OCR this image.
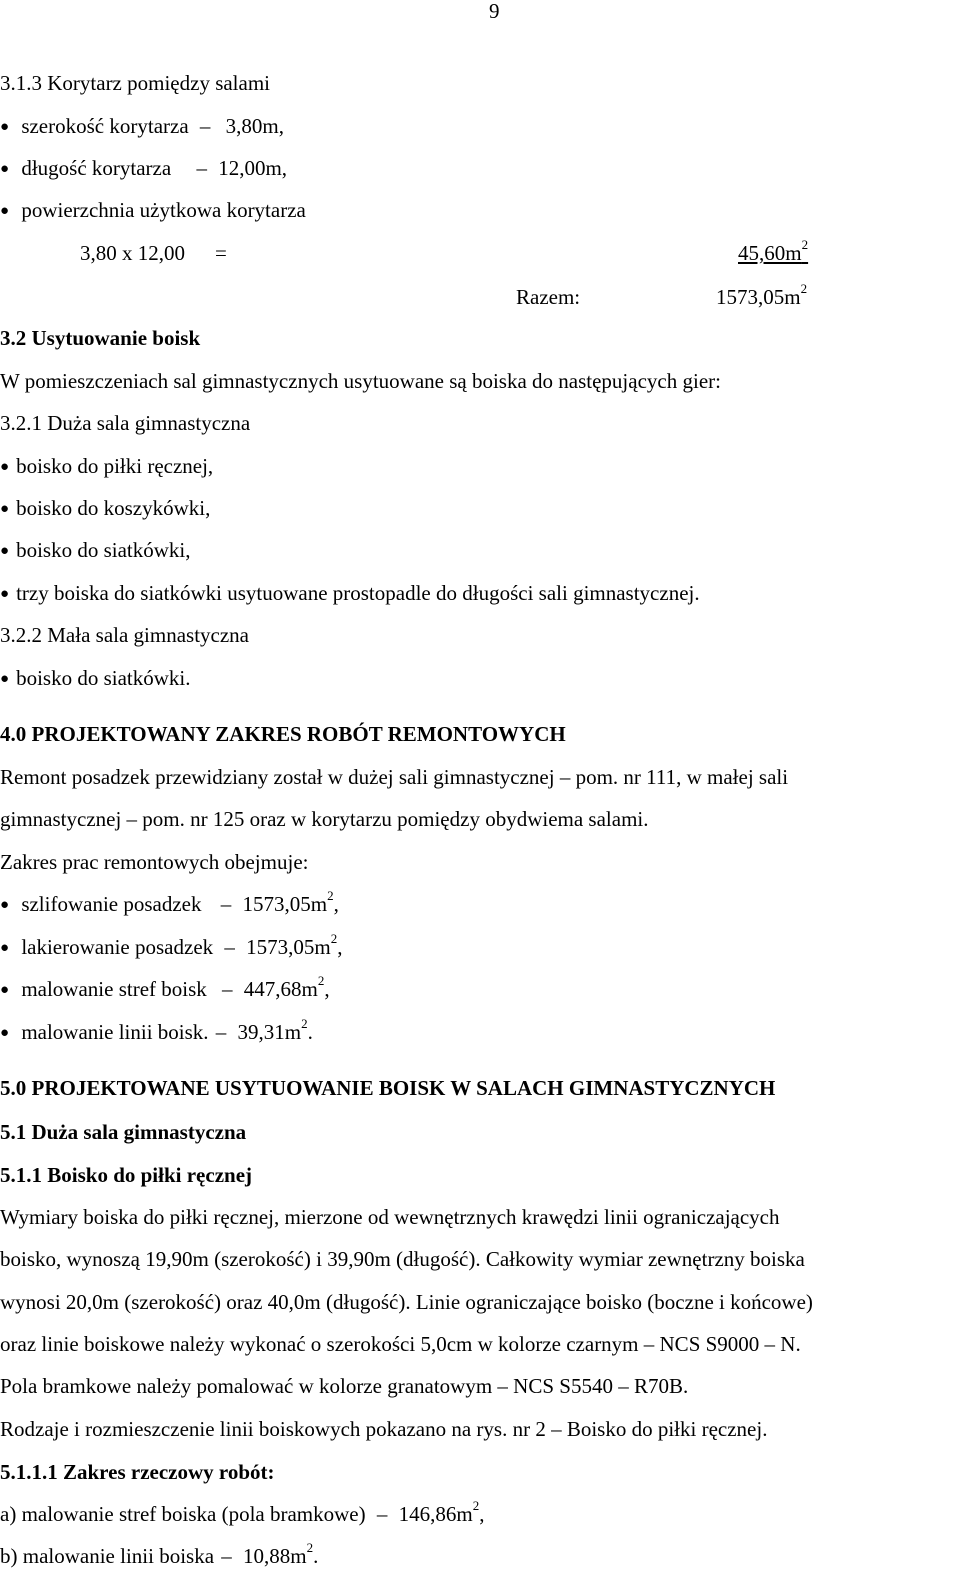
9
3.1.3 Korytarz pomiędzy salami
● szerokość korytarza – 3,80m,
● długość korytarza – 12,00m,
● powierzchnia użytkowa korytarza
3,80 x 12,00 =	$45,60m^2$
Razem:	$1573,05m^2$
3.2 Usytuowanie boisk
W pomieszczeniach sal gimnastycznych usytuowane są boiska do następujących gier:
3.2.1 Duża sala gimnastyczna
● boisko do piłki ręcznej,
● boisko do koszykówki,
● boisko do siatkówki,
● trzy boiska do siatkówki usytuowane prostopadle do długości sali gimnastycznej.
3.2.2 Mała sala gimnastyczna
● boisko do siatkówki.
4.0 PROJEKTOWANY ZAKRES ROBÓT REMONTOWYCH
Remont posadzek przewidziany został w dużej sali gimnastycznej – pom. nr 111, w małej sali
gimnastycznej – pom. nr 125 oraz w korytarzu pomiędzy obydwiema salami.
Zakres prac remontowych obejmuje:
● szlifowanie posadzek – $1573,05m^2$,
● lakierowanie posadzek – $1573,05m^2$,
● malowanie stref boisk – $447,68m^2$,
● malowanie linii boisk. – $39,31m^2$.
5.0 PROJEKTOWANE USYTUOWANIE BOISK W SALACH GIMNASTYCZNYCH
5.1 Duża sala gimnastyczna
5.1.1 Boisko do piłki ręcznej
Wymiary boiska do piłki ręcznej, mierzone od wewnętrznych krawędzi linii ograniczających
boisko, wynoszą 19,90m (szerokość) i 39,90m (długość). Całkowity wymiar zewnętrzny boiska
wynosi 20,0m (szerokość) oraz 40,0m (długość). Linie ograniczające boisko (boczne i końcowe)
oraz linie boiskowe należy wykonać o szerokości 5,0cm w kolorze czarnym – NCS S9000 – N.
Pola bramkowe należy pomalować w kolorze granatowym – NCS S5540 – R70B.
Rodzaje i rozmieszczenie linii boiskowych pokazano na rys. nr 2 – Boisko do piłki ręcznej.
5.1.1.1 Zakres rzeczowy robót:
a) malowanie stref boiska (pola bramkowe) – $146,86m^2$,
b) malowanie linii boiska – $10,88m^2$.
